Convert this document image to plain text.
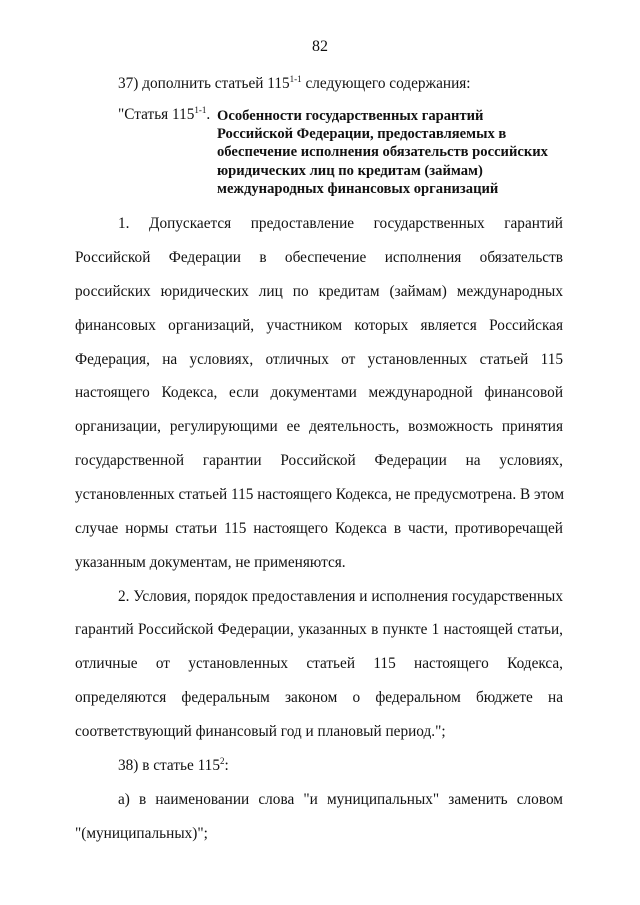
82
37) дополнить статьей 115$^{1-1}$ следующего содержания:
"Статья 115$^{1-1}$. Особенности государственных гарантий
Российской Федерации, предоставляемых в
обеспечение исполнения обязательств российских
юридических лиц по кредитам (займам)
международных финансовых организаций
1. Допускается предоставление государственных гарантий
Российской Федерации в обеспечение исполнения обязательств
российских юридических лиц по кредитам (займам) международных
финансовых организаций, участником которых является Российская
Федерация, на условиях, отличных от установленных статьей 115
настоящего Кодекса, если документами международной финансовой
организации, регулирующими ее деятельность, возможность принятия
государственной гарантии Российской Федерации на условиях,
установленных статьей 115 настоящего Кодекса, не предусмотрена. В этом
случае нормы статьи 115 настоящего Кодекса в части, противоречащей
указанным документам, не применяются.
2. Условия, порядок предоставления и исполнения государственных
гарантий Российской Федерации, указанных в пункте 1 настоящей статьи,
отличные от установленных статьей 115 настоящего Кодекса,
определяются федеральным законом о федеральном бюджете на
соответствующий финансовый год и плановый период.";
38) в статье $115^2$:
а) в наименовании слова "и муниципальных" заменить словом
"(муниципальных)";
